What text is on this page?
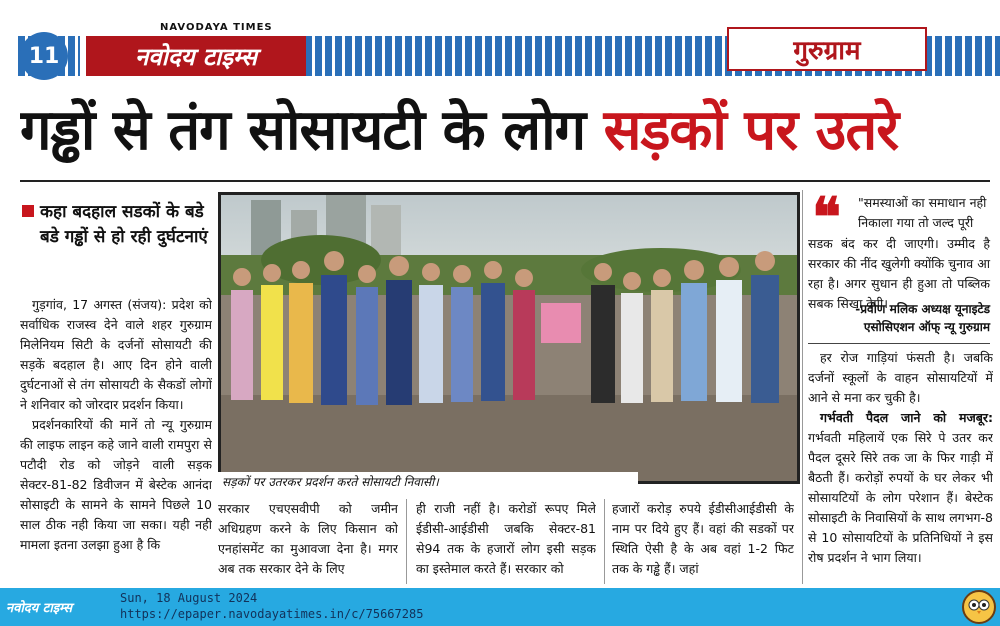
11
NAVODAYA TIMES
नवोदय टाइम्स	गुरुग्राम
गड्ढों से तंग सोसायटी के लोग सड़कों पर उतरे
कहा बदहाल सडकों के बडे बडे गड्ढों से हो रही दुर्घटनाएं

गुड़गांव, 17 अगस्त (संजय): प्रदेश को सर्वाधिक राजस्व देने वाले शहर गुरुग्राम मिलेनियम सिटी के दर्जनों सोसायटी की सड़कें बदहाल है। आए दिन होने वाली दुर्घटनाओं से तंग सोसायटी के सैकडों लोगों ने शनिवार को जोरदार प्रदर्शन किया।

प्रदर्शनकारियों की मानें तो न्यू गुरुग्राम की लाइफ लाइन कहे जाने वाली रामपुरा से पटौदी रोड को जोड़ने वाली सड़क सेक्टर-81-82 डिवीजन में बेस्टेक आनंदा सोसाइटी के सामने के सामने पिछले 10 साल ठीक नही किया जा सका। यही नही मामला इतना उलझा हुआ है कि

सड़कों पर उतरकर प्रदर्शन करते सोसायटी निवासी।
सरकार एचएसवीपी को जमीन अधिग्रहण करने के लिए किसान को एनहांसमेंट का मुआवजा देना है। मगर अब तक सरकार देने के लिए
ही राजी नहीं है। करोडों रूपए मिले ईडीसी-आईडीसी जबकि सेक्टर-81 से94 तक के हजारों लोग इसी सड़क का इस्तेमाल करते हैं। सरकार को
हजारों करोड़ रुपये ईडीसीआईडीसी के नाम पर दिये हुए हैं। वहां की सडकों पर स्थिति ऐसी है के अब वहां 1-2 फिट तक के गड्ढे हैं। जहां
❝ "समस्याओं का समाधान नही निकाला गया तो जल्द पूरी
सडक बंद कर दी जाएगी। उम्मीद है सरकार की नींद खुलेगी क्योंकि चुनाव आ रहा है। अगर सुधान ही हुआ तो पब्लिक सबक सिखा देगी।
-प्रवीण मलिक अध्यक्ष यूनाइटेड
एसोसिएशन ऑफ् न्यू गुरुग्राम

हर रोज गाड़ियां फंसती है। जबकि दर्जनों स्कूलों के वाहन सोसायटियों में आने से मना कर चुकी है।

गर्भवती पैदल जाने को मजबूर: गर्भवती महिलायें एक सिरे पे उतर कर पैदल दूसरे सिरे तक जा के फिर गाड़ी में बैठती हैं। करोड़ों रुपयों के घर लेकर भी सोसायटियों के लोग परेशान हैं। बेस्टेक सोसाइटी के निवासियों के साथ लगभग-8 से 10 सोसायटियों के प्रतिनिधियों ने इस रोष प्रदर्शन ने भाग लिया।

नवोदय टाइम्स
Sun, 18 August 2024
https://epaper.navodayatimes.in/c/75667285
